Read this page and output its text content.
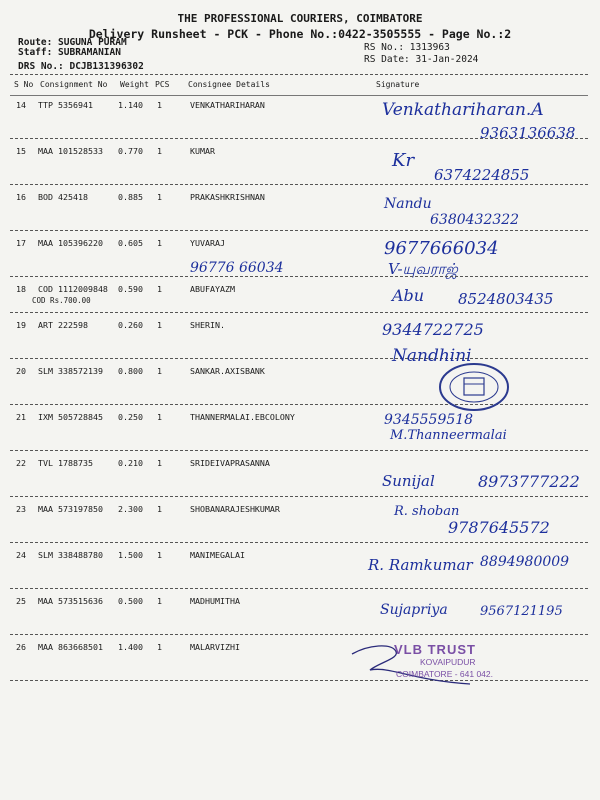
THE PROFESSIONAL COURIERS, COIMBATORE
Delivery Runsheet - PCK - Phone No.:0422-3505555 - Page No.:2
Route: SUGUNA PURAM
Staff: SUBRAMANIAN
DRS No.: DCJB131396302
RS No.: 1313963
RS Date: 31-Jan-2024
S No Consignment No Weight PCS Consignee Details	Signature
14 TTP 5356941	1.140 1	VENKATHARIHARAN	Venkathariharan.A
9363136638
15 MAA 101528533 0.770 1	KUMAR	Kr
6374224855
16 BOD 425418	0.885 1	PRAKASHKRISHNAN	Nandu
6380432322
17 MAA 105396220 0.605 1	YUVARAJ
96776 66034
9677666034
V-யுவராஜ்
18 COD 1112009848 0.590 1	ABUFAYAZM
COD Rs.700.00	Abu 8524803435
19 ART 222598	0.260 1	SHERIN.	9344722725
20 SLM 338572139 0.800 1	SANKAR.AXISBANK
Nandhini
21 IXM 505728845 0.250 1	THANNERMALAI.EBCOLONY
M.Thanneermalai
9345559518
22 TVL 1788735	0.210 1	SRIDEIVAPRASANNA
Sunijal	8973777222
23 MAA 573197850 2.300 1	SHOBANARAJESHKUMAR	R. shoban
9787645572
24 SLM 338488780 1.500 1	MANIMEGALAI
R. Ramkumar 8894980009
25 MAA 573515636 0.500 1	MADHUMITHA
Sujapriya 9567121195
26 MAA 863668501 1.400 1	MALARVIZHI	VLB TRUST
KOVAIPUDUR
COIMBATORE - 641 042.
